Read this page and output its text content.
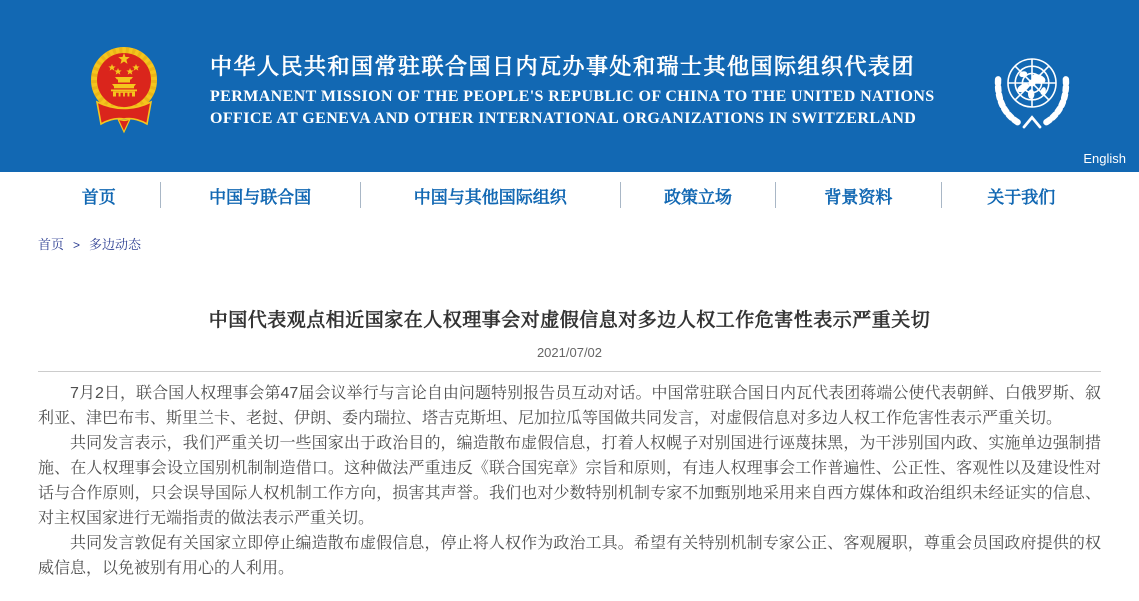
中华人民共和国常驻联合国日内瓦办事处和瑞士其他国际组织代表团
PERMANENT MISSION OF THE PEOPLE'S REPUBLIC OF CHINA TO THE UNITED NATIONS
OFFICE AT GENEVA AND OTHER INTERNATIONAL ORGANIZATIONS IN SWITZERLAND
English
首页	中国与联合国	中国与其他国际组织	政策立场	背景资料	关于我们
首页 > 多边动态
中国代表观点相近国家在人权理事会对虚假信息对多边人权工作危害性表示严重关切
2021/07/02

7月2日，联合国人权理事会第47届会议举行与言论自由问题特别报告员互动对话。中国常驻联合国日内瓦代表团蒋端公使代表朝鲜、白俄罗斯、叙利亚、津巴布韦、斯里兰卡、老挝、伊朗、委内瑞拉、塔吉克斯坦、尼加拉瓜等国做共同发言，对虚假信息对多边人权工作危害性表示严重关切。

共同发言表示，我们严重关切一些国家出于政治目的，编造散布虚假信息，打着人权幌子对别国进行诬蔑抹黑，为干涉别国内政、实施单边强制措施、在人权理事会设立国别机制制造借口。这种做法严重违反《联合国宪章》宗旨和原则，有违人权理事会工作普遍性、公正性、客观性以及建设性对话与合作原则，只会误导国际人权机制工作方向，损害其声誉。我们也对少数特别机制专家不加甄别地采用来自西方媒体和政治组织未经证实的信息、对主权国家进行无端指责的做法表示严重关切。

共同发言敦促有关国家立即停止编造散布虚假信息，停止将人权作为政治工具。希望有关特别机制专家公正、客观履职，尊重会员国政府提供的权威信息，以免被别有用心的人利用。
